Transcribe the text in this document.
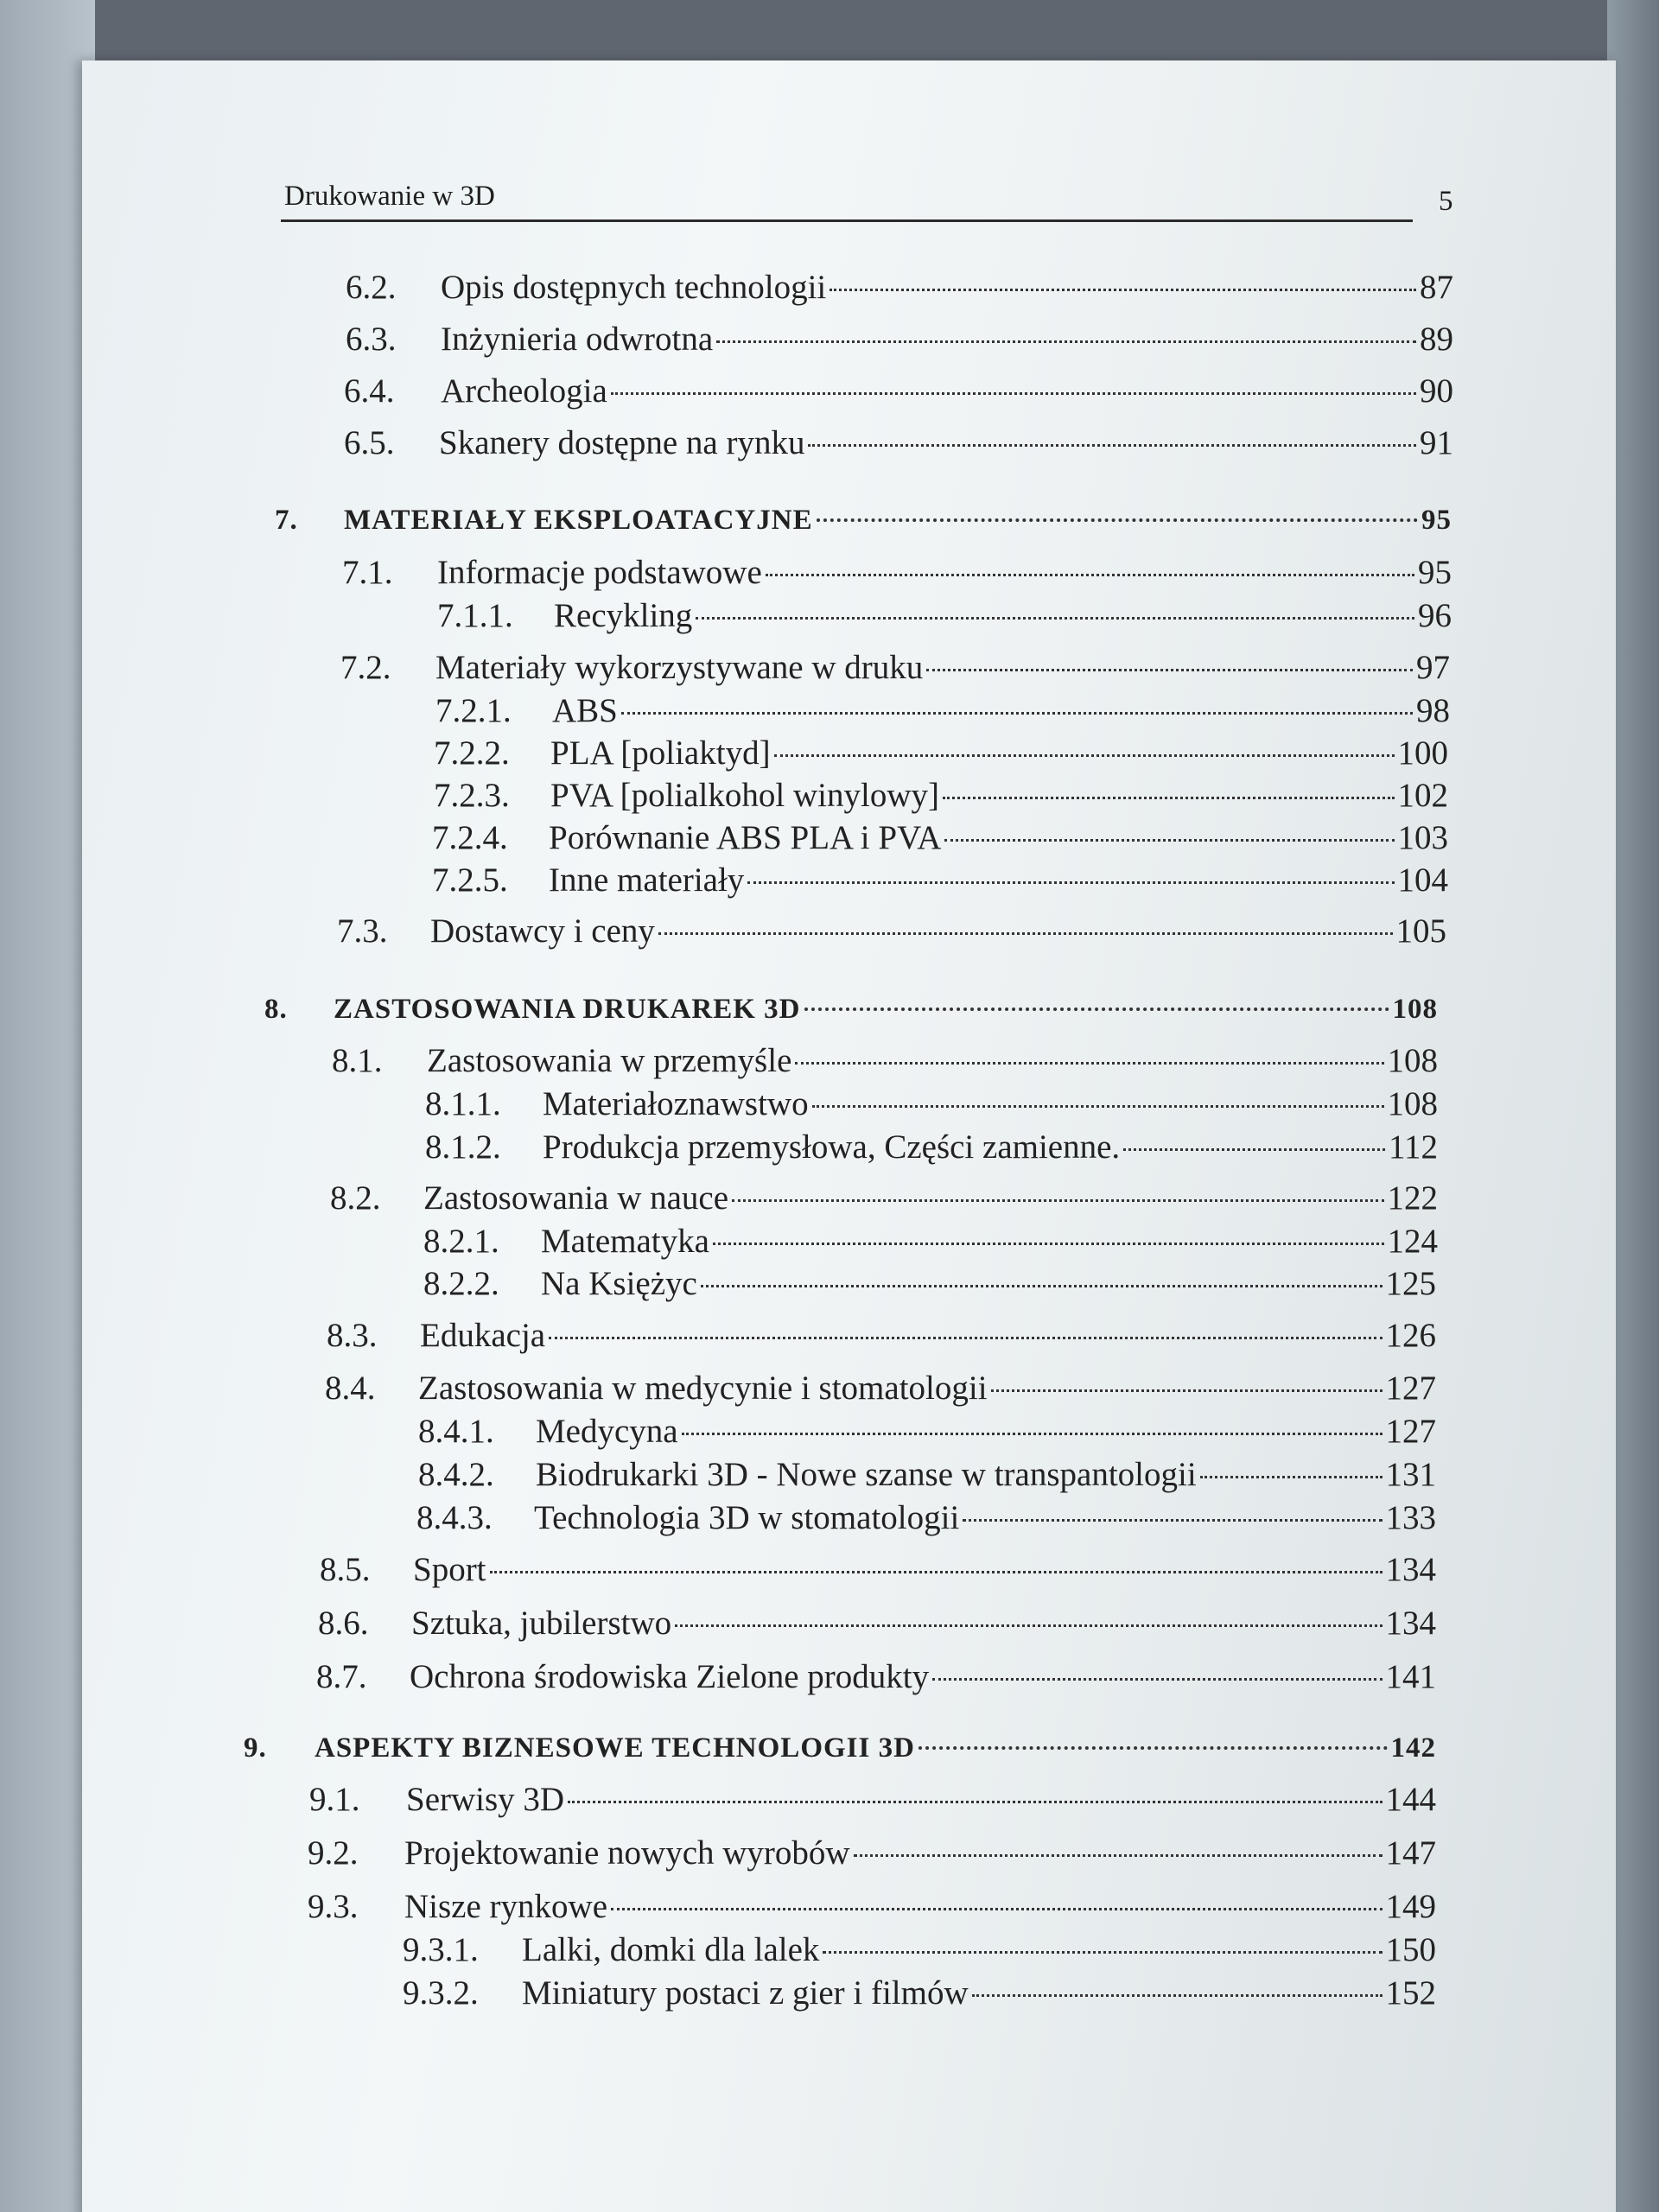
Drukowanie w 3D	5
6.2.	Opis dostępnych technologii	87
6.3.	Inżynieria odwrotna	89
6.4.	Archeologia	90
6.5.	Skanery dostępne na rynku	91
7.	MATERIAŁY EKSPLOATACYJNE	95
7.1.	Informacje podstawowe	95
7.1.1.	Recykling	96
7.2.	Materiały wykorzystywane w druku	97
7.2.1.	ABS	98
7.2.2.	PLA [poliaktyd]	100
7.2.3.	PVA [polialkohol winylowy]	102
7.2.4.	Porównanie ABS PLA i PVA	103
7.2.5.	Inne materiały	104
7.3.	Dostawcy i ceny	105
8.	ZASTOSOWANIA DRUKAREK 3D	108
8.1.	Zastosowania w przemyśle	108
8.1.1.	Materiałoznawstwo	108
8.1.2.	Produkcja przemysłowa, Części zamienne.	112
8.2.	Zastosowania w nauce	122
8.2.1.	Matematyka	124
8.2.2.	Na Księżyc	125
8.3.	Edukacja	126
8.4.	Zastosowania w medycynie i stomatologii	127
8.4.1.	Medycyna	127
8.4.2.	Biodrukarki 3D - Nowe szanse w transpantologii	131
8.4.3.	Technologia 3D w stomatologii	133
8.5.	Sport	134
8.6.	Sztuka, jubilerstwo	134
8.7.	Ochrona środowiska Zielone produkty	141
9.	ASPEKTY BIZNESOWE TECHNOLOGII 3D	142
9.1.	Serwisy 3D	144
9.2.	Projektowanie nowych wyrobów	147
9.3.	Nisze rynkowe	149
9.3.1.	Lalki, domki dla lalek	150
9.3.2.	Miniatury postaci z gier i filmów	152
